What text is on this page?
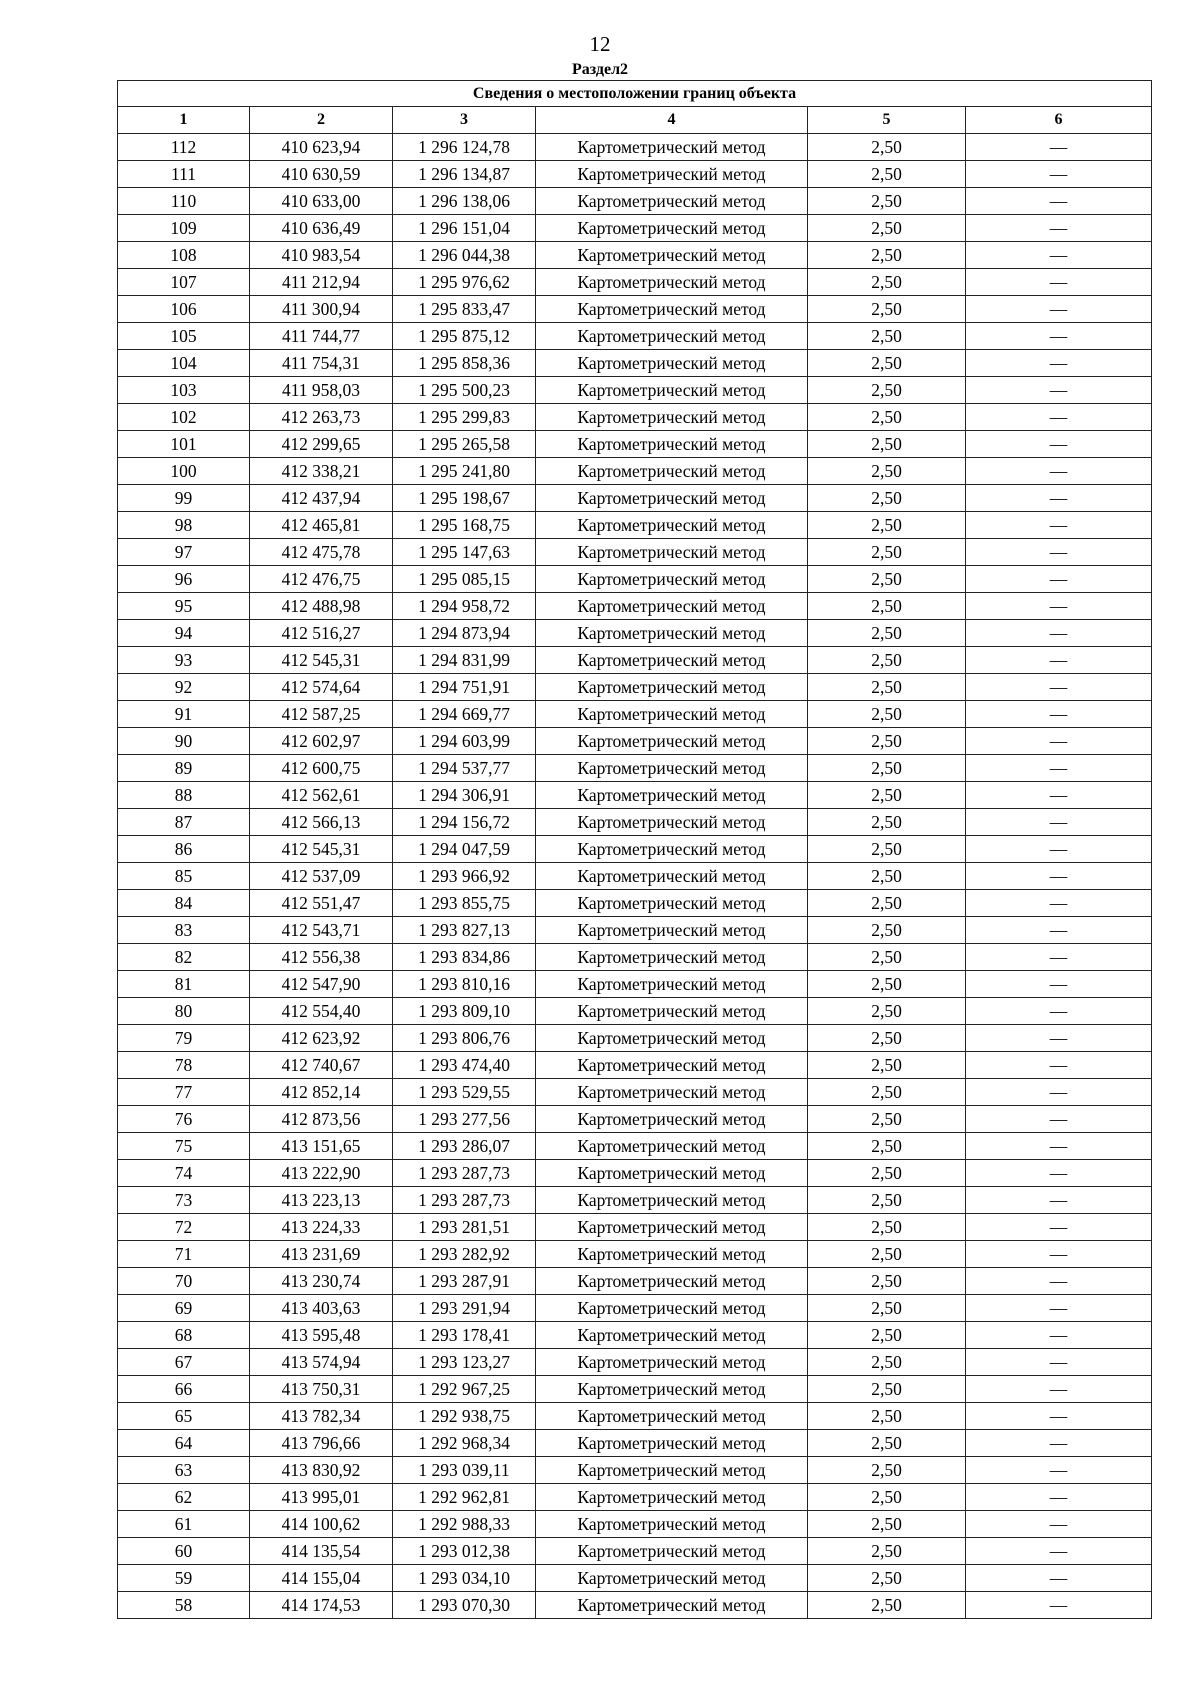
12
Раздел2
Сведения о местоположении границ объекта					
1	2	3	4	5	6
112	410 623,94	1 296 124,78	Картометрический метод	2,50	—
111	410 630,59	1 296 134,87	Картометрический метод	2,50	—
110	410 633,00	1 296 138,06	Картометрический метод	2,50	—
109	410 636,49	1 296 151,04	Картометрический метод	2,50	—
108	410 983,54	1 296 044,38	Картометрический метод	2,50	—
107	411 212,94	1 295 976,62	Картометрический метод	2,50	—
106	411 300,94	1 295 833,47	Картометрический метод	2,50	—
105	411 744,77	1 295 875,12	Картометрический метод	2,50	—
104	411 754,31	1 295 858,36	Картометрический метод	2,50	—
103	411 958,03	1 295 500,23	Картометрический метод	2,50	—
102	412 263,73	1 295 299,83	Картометрический метод	2,50	—
101	412 299,65	1 295 265,58	Картометрический метод	2,50	—
100	412 338,21	1 295 241,80	Картометрический метод	2,50	—
99	412 437,94	1 295 198,67	Картометрический метод	2,50	—
98	412 465,81	1 295 168,75	Картометрический метод	2,50	—
97	412 475,78	1 295 147,63	Картометрический метод	2,50	—
96	412 476,75	1 295 085,15	Картометрический метод	2,50	—
95	412 488,98	1 294 958,72	Картометрический метод	2,50	—
94	412 516,27	1 294 873,94	Картометрический метод	2,50	—
93	412 545,31	1 294 831,99	Картометрический метод	2,50	—
92	412 574,64	1 294 751,91	Картометрический метод	2,50	—
91	412 587,25	1 294 669,77	Картометрический метод	2,50	—
90	412 602,97	1 294 603,99	Картометрический метод	2,50	—
89	412 600,75	1 294 537,77	Картометрический метод	2,50	—
88	412 562,61	1 294 306,91	Картометрический метод	2,50	—
87	412 566,13	1 294 156,72	Картометрический метод	2,50	—
86	412 545,31	1 294 047,59	Картометрический метод	2,50	—
85	412 537,09	1 293 966,92	Картометрический метод	2,50	—
84	412 551,47	1 293 855,75	Картометрический метод	2,50	—
83	412 543,71	1 293 827,13	Картометрический метод	2,50	—
82	412 556,38	1 293 834,86	Картометрический метод	2,50	—
81	412 547,90	1 293 810,16	Картометрический метод	2,50	—
80	412 554,40	1 293 809,10	Картометрический метод	2,50	—
79	412 623,92	1 293 806,76	Картометрический метод	2,50	—
78	412 740,67	1 293 474,40	Картометрический метод	2,50	—
77	412 852,14	1 293 529,55	Картометрический метод	2,50	—
76	412 873,56	1 293 277,56	Картометрический метод	2,50	—
75	413 151,65	1 293 286,07	Картометрический метод	2,50	—
74	413 222,90	1 293 287,73	Картометрический метод	2,50	—
73	413 223,13	1 293 287,73	Картометрический метод	2,50	—
72	413 224,33	1 293 281,51	Картометрический метод	2,50	—
71	413 231,69	1 293 282,92	Картометрический метод	2,50	—
70	413 230,74	1 293 287,91	Картометрический метод	2,50	—
69	413 403,63	1 293 291,94	Картометрический метод	2,50	—
68	413 595,48	1 293 178,41	Картометрический метод	2,50	—
67	413 574,94	1 293 123,27	Картометрический метод	2,50	—
66	413 750,31	1 292 967,25	Картометрический метод	2,50	—
65	413 782,34	1 292 938,75	Картометрический метод	2,50	—
64	413 796,66	1 292 968,34	Картометрический метод	2,50	—
63	413 830,92	1 293 039,11	Картометрический метод	2,50	—
62	413 995,01	1 292 962,81	Картометрический метод	2,50	—
61	414 100,62	1 292 988,33	Картометрический метод	2,50	—
60	414 135,54	1 293 012,38	Картометрический метод	2,50	—
59	414 155,04	1 293 034,10	Картометрический метод	2,50	—
58	414 174,53	1 293 070,30	Картометрический метод	2,50	—
